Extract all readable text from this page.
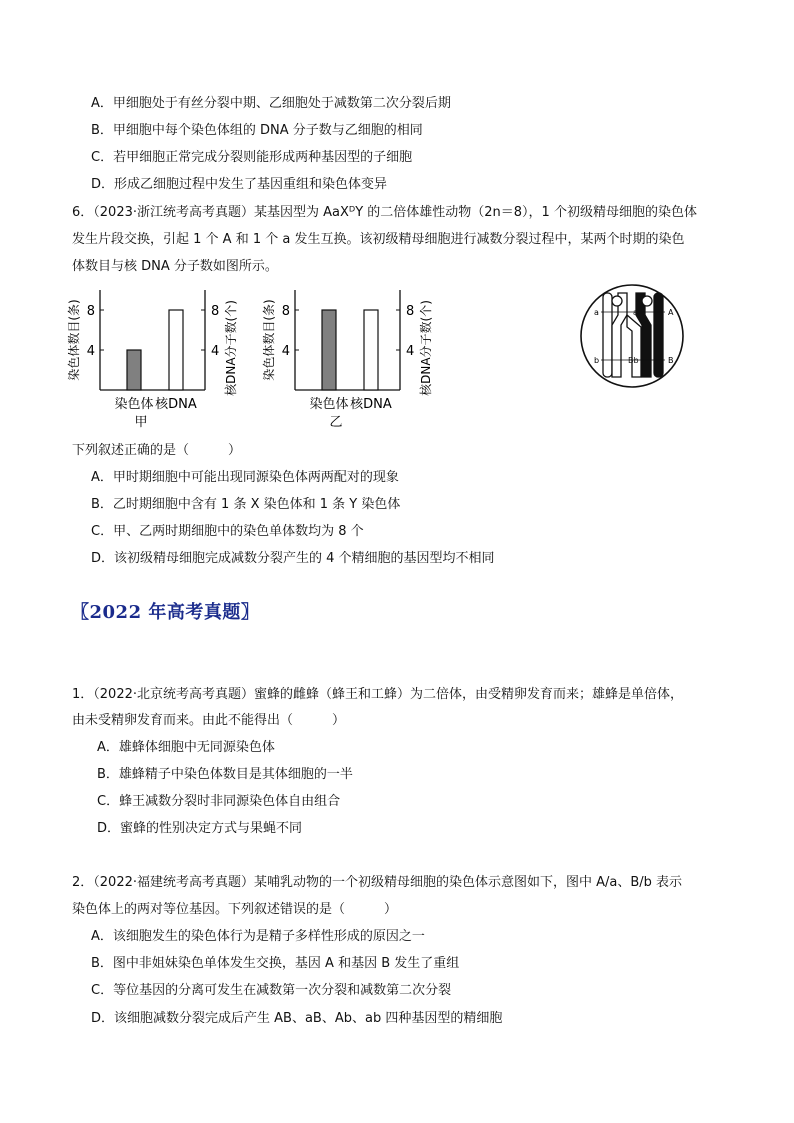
A．甲细胞处于有丝分裂中期、乙细胞处于减数第二次分裂后期
B．甲细胞中每个染色体组的 DNA 分子数与乙细胞的相同
C．若甲细胞正常完成分裂则能形成两种基因型的子细胞
D．形成乙细胞过程中发生了基因重组和染色体变异
6．（2023·浙江统考高考真题）某基因型为 AaXᴰY 的二倍体雄性动物（2n＝8），1 个初级精母细胞的染色体
发生片段交换，引起 1 个 A 和 1 个 a 发生互换。该初级精母细胞进行减数分裂过程中，某两个时期的染色
体数目与核 DNA 分子数如图所示。
4	4
8	8
染色体 核DNA
甲
染色体数目(条)	核DNA分子数(个)	4	4
8	8
染色体 核DNA
乙
染色体数目(条)	核DNA分子数(个)	a	aA	A
b	Bb	B
下列叙述正确的是（　　　）
A．甲时期细胞中可能出现同源染色体两两配对的现象
B．乙时期细胞中含有 1 条 X 染色体和 1 条 Y 染色体
C．甲、乙两时期细胞中的染色单体数均为 8 个
D．该初级精母细胞完成减数分裂产生的 4 个精细胞的基因型均不相同
〖2022 年高考真题〗
1．（2022·北京统考高考真题）蜜蜂的雌蜂（蜂王和工蜂）为二倍体，由受精卵发育而来；雄蜂是单倍体，
由未受精卵发育而来。由此不能得出（　　　）
A．雄蜂体细胞中无同源染色体
B．雄蜂精子中染色体数目是其体细胞的一半
C．蜂王减数分裂时非同源染色体自由组合
D．蜜蜂的性别决定方式与果蝇不同
2．（2022·福建统考高考真题）某哺乳动物的一个初级精母细胞的染色体示意图如下，图中 A/a、B/b 表示
染色体上的两对等位基因。下列叙述错误的是（　　　）
A．该细胞发生的染色体行为是精子多样性形成的原因之一
B．图中非姐妹染色单体发生交换，基因 A 和基因 B 发生了重组
C．等位基因的分离可发生在减数第一次分裂和减数第二次分裂
D．该细胞减数分裂完成后产生 AB、aB、Ab、ab 四种基因型的精细胞
